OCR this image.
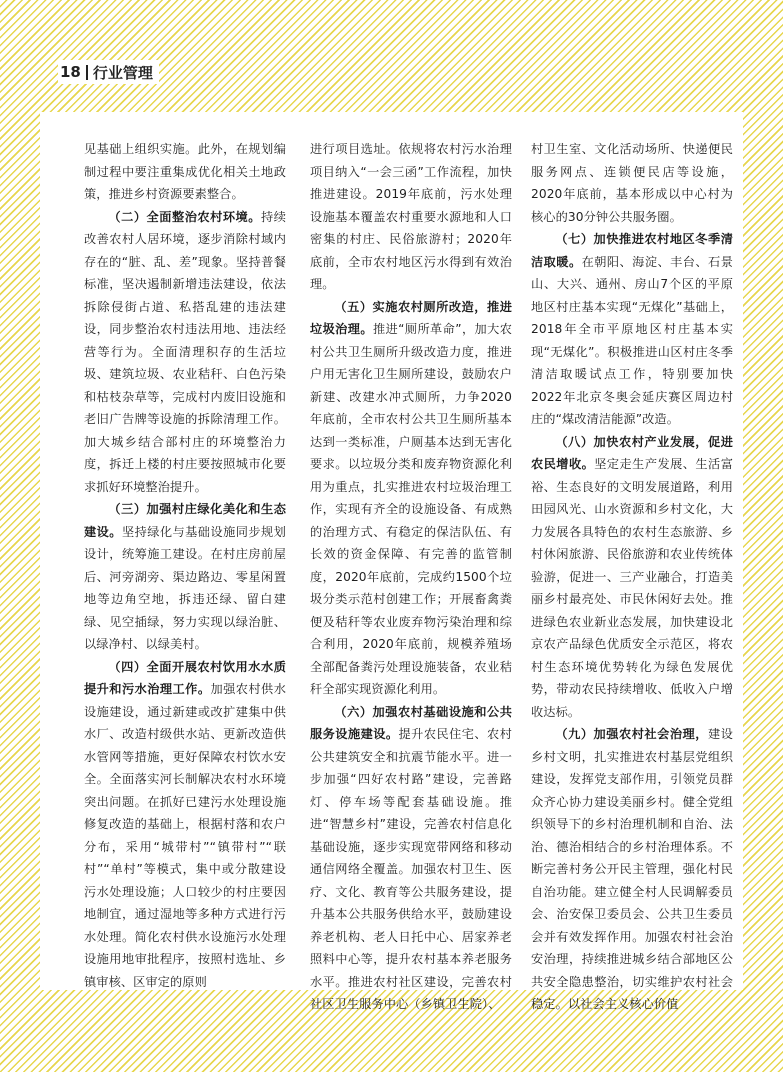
18 行业管理

见基础上组织实施。此外，在规划编制过程中要注重集成优化相关土地政策，推进乡村资源要素整合。

（二）全面整治农村环境。持续改善农村人居环境，逐步消除村域内存在的“脏、乱、差”现象。坚持普餐标准，坚决遏制新增违法建设，依法拆除侵街占道、私搭乱建的违法建设，同步整治农村违法用地、违法经营等行为。全面清理积存的生活垃圾、建筑垃圾、农业秸秆、白色污染和枯枝杂草等，完成村内废旧设施和老旧广告牌等设施的拆除清理工作。加大城乡结合部村庄的环境整治力度，拆迁上楼的村庄要按照城市化要求抓好环境整治提升。

（三）加强村庄绿化美化和生态建设。坚持绿化与基础设施同步规划设计，统筹施工建设。在村庄房前屋后、河旁湖旁、渠边路边、零星闲置地等边角空地，拆违还绿、留白建绿、见空插绿，努力实现以绿治脏、以绿净村、以绿美村。

（四）全面开展农村饮用水水质提升和污水治理工作。加强农村供水设施建设，通过新建或改扩建集中供水厂、改造村级供水站、更新改造供水管网等措施，更好保障农村饮水安全。全面落实河长制解决农村水环境突出问题。在抓好已建污水处理设施修复改造的基础上，根据村落和农户分布，采用“城带村”“镇带村”“联村”“单村”等模式，集中或分散建设污水处理设施；人口较少的村庄要因地制宜，通过湿地等多种方式进行污水处理。简化农村供水设施污水处理设施用地审批程序，按照村选址、乡镇审核、区审定的原则

进行项目选址。依规将农村污水治理项目纳入“一会三函”工作流程，加快推进建设。2019年底前，污水处理设施基本覆盖农村重要水源地和人口密集的村庄、民俗旅游村；2020年底前，全市农村地区污水得到有效治理。

（五）实施农村厕所改造，推进垃圾治理。推进“厕所革命”，加大农村公共卫生厕所升级改造力度，推进户用无害化卫生厕所建设，鼓励农户新建、改建水冲式厕所，力争2020年底前，全市农村公共卫生厕所基本达到一类标准，户厕基本达到无害化要求。以垃圾分类和废弃物资源化利用为重点，扎实推进农村垃圾治理工作，实现有齐全的设施设备、有成熟的治理方式、有稳定的保洁队伍、有长效的资金保障、有完善的监管制度，2020年底前，完成约1500个垃圾分类示范村创建工作；开展畜禽粪便及秸秆等农业废弃物污染治理和综合利用，2020年底前，规模养殖场全部配备粪污处理设施装备，农业秸秆全部实现资源化利用。

（六）加强农村基础设施和公共服务设施建设。提升农民住宅、农村公共建筑安全和抗震节能水平。进一步加强“四好农村路”建设，完善路灯、停车场等配套基础设施。推进“智慧乡村”建设，完善农村信息化基础设施，逐步实现宽带网络和移动通信网络全覆盖。加强农村卫生、医疗、文化、教育等公共服务建设，提升基本公共服务供给水平，鼓励建设养老机构、老人日托中心、居家养老照料中心等，提升农村基本养老服务水平。推进农村社区建设，完善农村社区卫生服务中心（乡镇卫生院）、

村卫生室、文化活动场所、快递便民服务网点、连锁便民店等设施，2020年底前，基本形成以中心村为核心的30分钟公共服务圈。

（七）加快推进农村地区冬季清洁取暖。在朝阳、海淀、丰台、石景山、大兴、通州、房山7个区的平原地区村庄基本实现“无煤化”基础上，2018年全市平原地区村庄基本实现“无煤化”。积极推进山区村庄冬季清洁取暖试点工作，特别要加快2022年北京冬奥会延庆赛区周边村庄的“煤改清洁能源”改造。

（八）加快农村产业发展，促进农民增收。坚定走生产发展、生活富裕、生态良好的文明发展道路，利用田园风光、山水资源和乡村文化，大力发展各具特色的农村生态旅游、乡村休闲旅游、民俗旅游和农业传统体验游，促进一、三产业融合，打造美丽乡村最亮处、市民休闲好去处。推进绿色农业新业态发展，加快建设北京农产品绿色优质安全示范区，将农村生态环境优势转化为绿色发展优势，带动农民持续增收、低收入户增收达标。

（九）加强农村社会治理，建设乡村文明，扎实推进农村基层党组织建设，发挥党支部作用，引领党员群众齐心协力建设美丽乡村。健全党组织领导下的乡村治理机制和自治、法治、德治相结合的乡村治理体系。不断完善村务公开民主管理，强化村民自治功能。建立健全村人民调解委员会、治安保卫委员会、公共卫生委员会并有效发挥作用。加强农村社会治安治理，持续推进城乡结合部地区公共安全隐患整治，切实维护农村社会稳定。以社会主义核心价值
